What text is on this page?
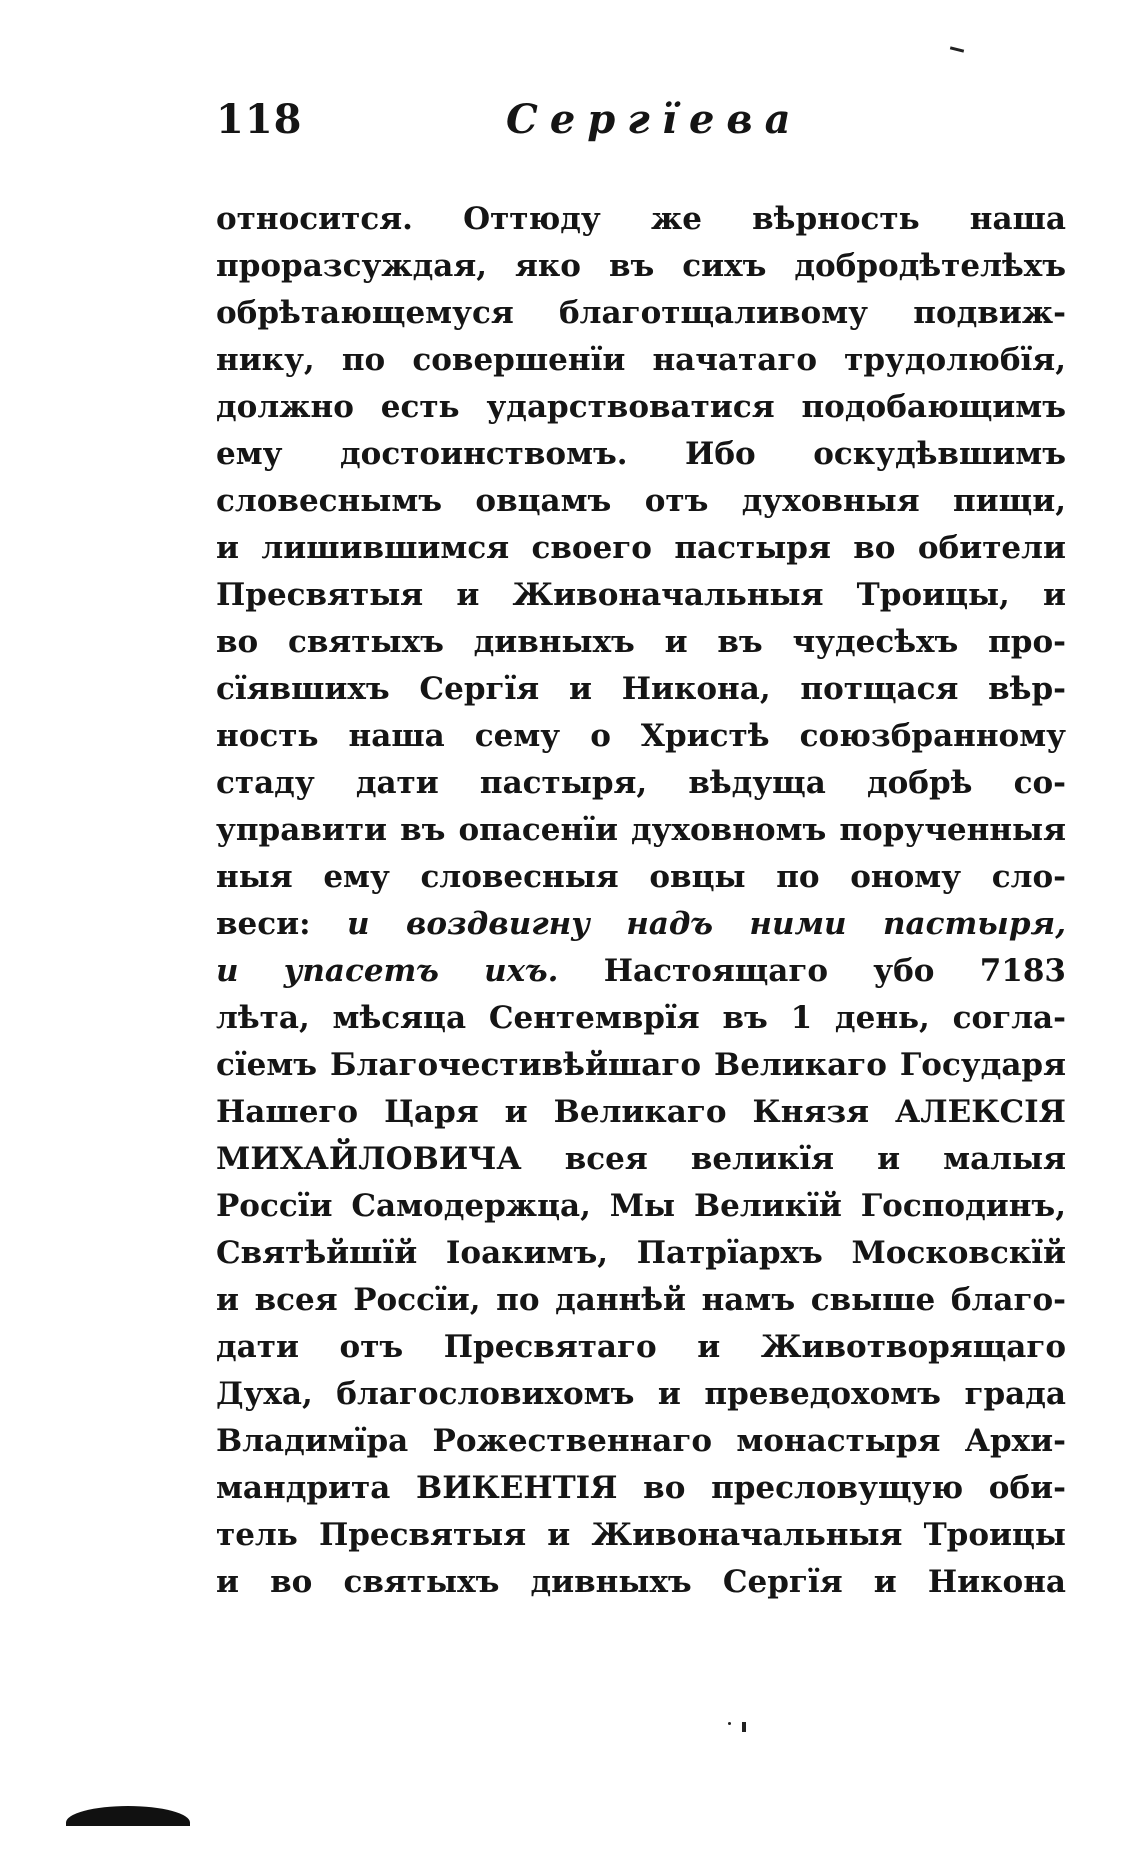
118	Сергїева
относится. Оттюду же вѣрность наша
проразсуждая, яко въ сихъ добродѣтелѣхъ
обрѣтающемуся благотщаливому подвиж-
нику, по совершенїи начатаго трудолюбїя,
должно есть ударствоватися подобающимъ
ему достоинствомъ. Ибо оскудѣвшимъ
словеснымъ овцамъ отъ духовныя пищи,
и лишившимся своего пастыря во обители
Пресвятыя и Живоначальныя Троицы, и
во святыхъ дивныхъ и въ чудесѣхъ про-
сїявшихъ Сергїя и Никона, потщася вѣр-
ность наша сему о Христѣ союзбранному
стаду дати пастыря, вѣдуща добрѣ со-
управити въ опасенїи духовномъ порученныя
ныя ему словесныя овцы по оному сло-
веси: и воздвигну надъ ними пастыря,
и упасетъ ихъ. Настоящаго убо 7183
лѣта, мѣсяца Сентемврїя въ 1 день, согла-
сїемъ Благочестивѣйшаго Великаго Государя
Нашего Царя и Великаго Князя АЛЕКСІЯ
МИХАЙЛОВИЧА всея великїя и малыя
Россїи Самодержца, Мы Великїй Господинъ,
Святѣйшїй Іоакимъ, Патрїархъ Московскїй
и всея Россїи, по даннѣй намъ свыше благо-
дати отъ Пресвятаго и Животворящаго
Духа, благословихомъ и преведохомъ града
Владимїра Рожественнаго монастыря Архи-
мандрита ВИКЕНТІЯ во пресловущую оби-
тель Пресвятыя и Живоначальныя Троицы
и во святыхъ дивныхъ Сергїя и Никона
